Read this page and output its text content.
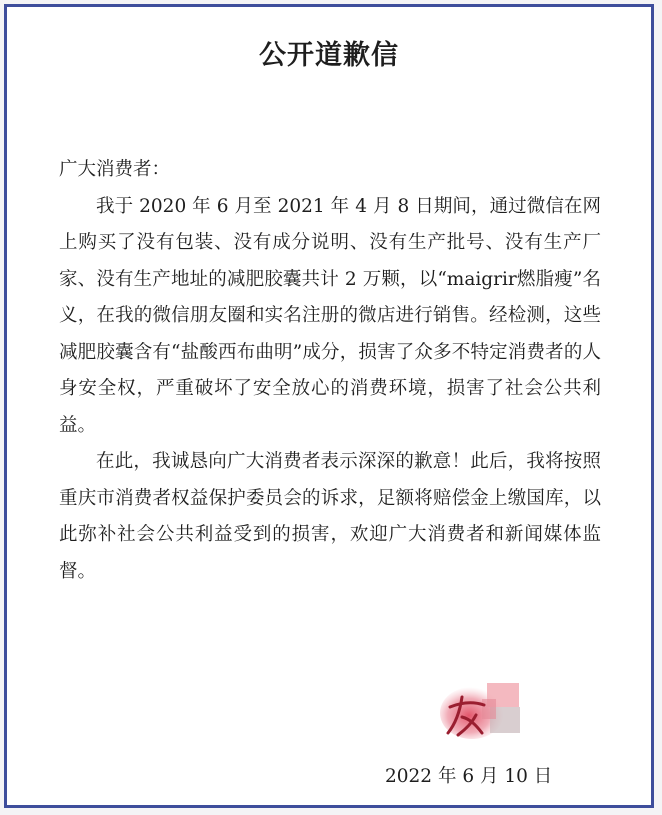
公开道歉信

广大消费者：

我于 2020 年 6 月至 2021 年 4 月 8 日期间，通过微信在网上购买了没有包装、没有成分说明、没有生产批号、没有生产厂家、没有生产地址的减肥胶囊共计 2 万颗，以“maigrir燃脂瘦”名义，在我的微信朋友圈和实名注册的微店进行销售。经检测，这些减肥胶囊含有“盐酸西布曲明”成分，损害了众多不特定消费者的人身安全权，严重破坏了安全放心的消费环境，损害了社会公共利益。

在此，我诚恳向广大消费者表示深深的歉意！此后，我将按照重庆市消费者权益保护委员会的诉求，足额将赔偿金上缴国库，以此弥补社会公共利益受到的损害，欢迎广大消费者和新闻媒体监督。

2022 年 6 月 10 日
